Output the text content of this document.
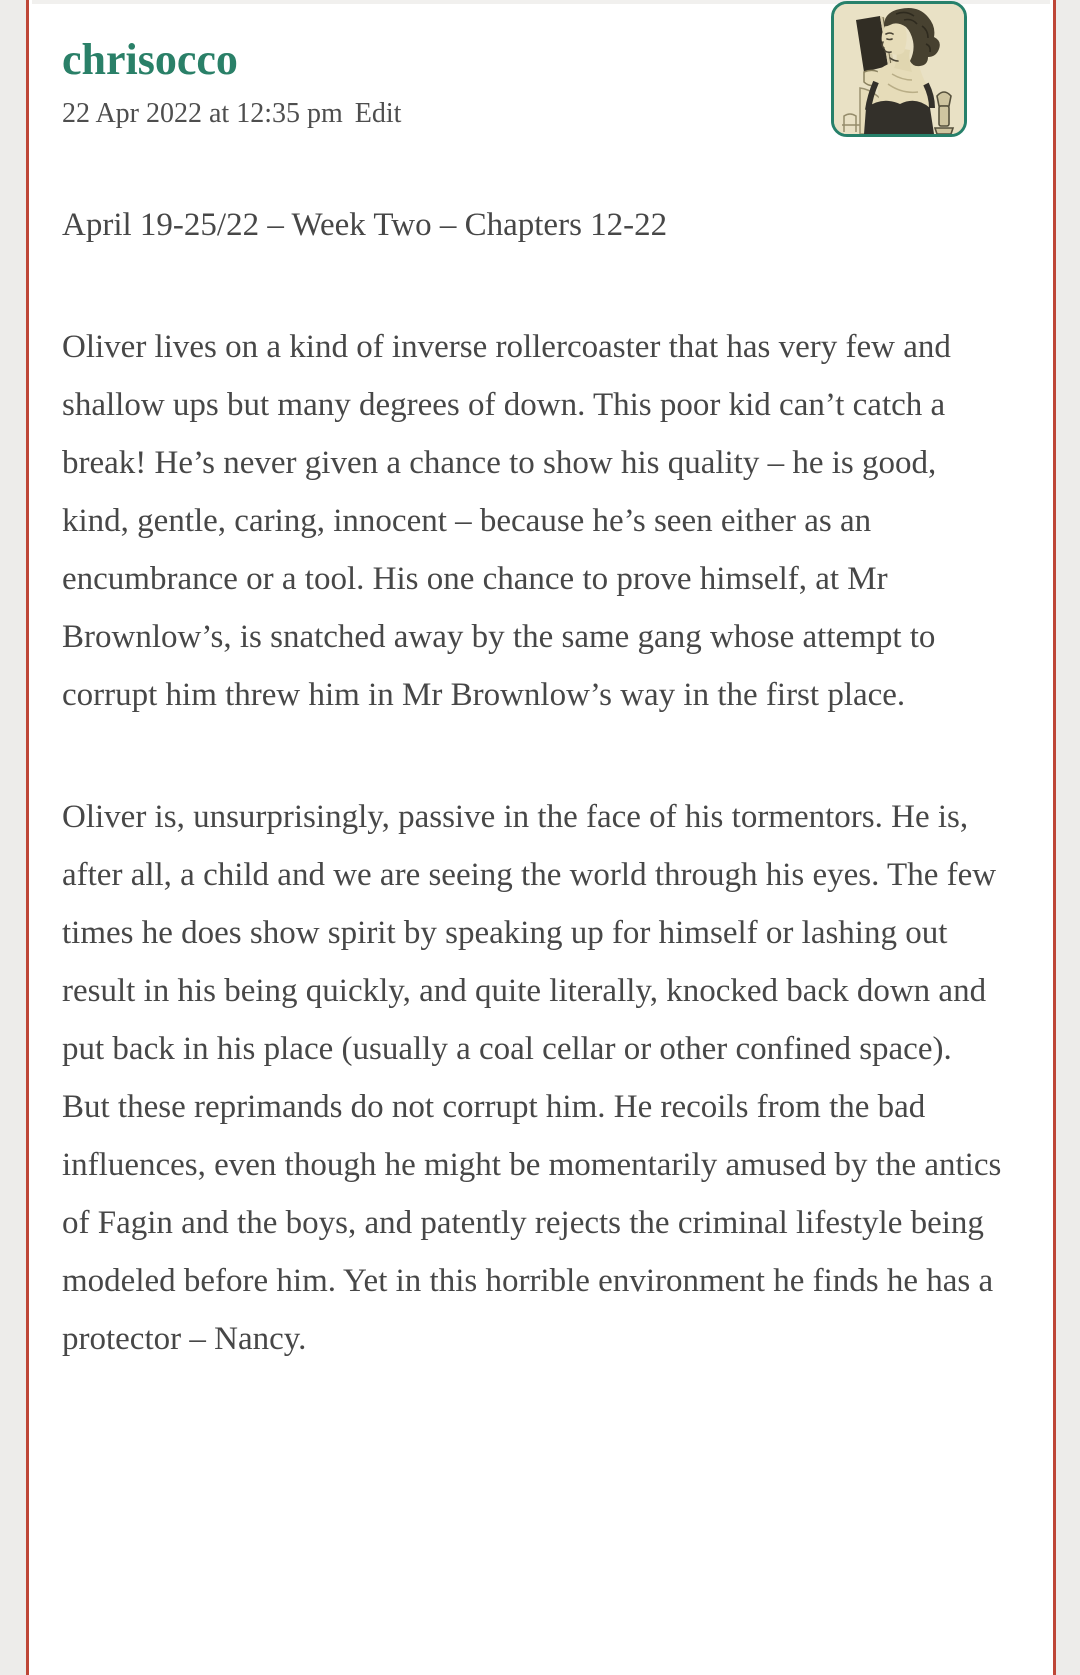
chrisocco
22 Apr 2022 at 12:35 pm Edit

April 19-25/22 – Week Two – Chapters 12-22

Oliver lives on a kind of inverse rollercoaster that has very few and shallow ups but many degrees of down. This poor kid can’t catch a break! He’s never given a chance to show his quality – he is good, kind, gentle, caring, innocent – because he’s seen either as an encumbrance or a tool. His one chance to prove himself, at Mr Brownlow’s, is snatched away by the same gang whose attempt to corrupt him threw him in Mr Brownlow’s way in the first place.

Oliver is, unsurprisingly, passive in the face of his tormentors. He is, after all, a child and we are seeing the world through his eyes. The few times he does show spirit by speaking up for himself or lashing out result in his being quickly, and quite literally, knocked back down and put back in his place (usually a coal cellar or other confined space). But these reprimands do not corrupt him. He recoils from the bad influences, even though he might be momentarily amused by the antics of Fagin and the boys, and patently rejects the criminal lifestyle being modeled before him. Yet in this horrible environment he finds he has a protector – Nancy.
